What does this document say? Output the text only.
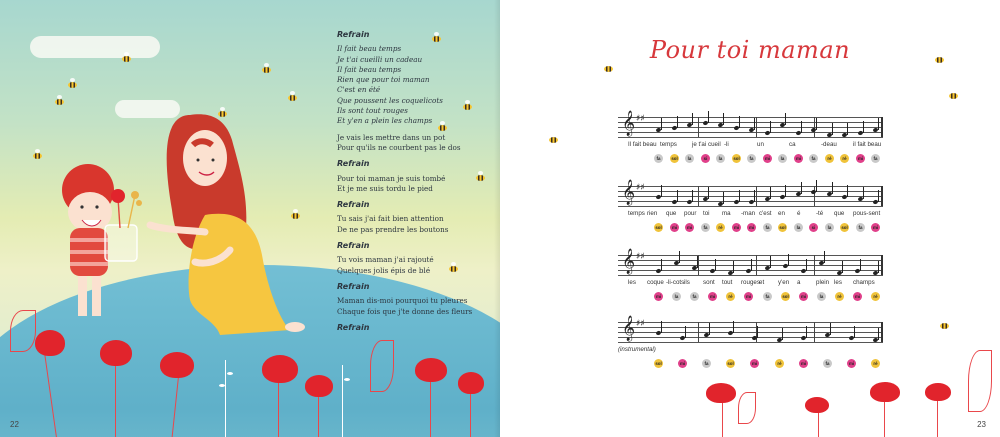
Refrain
Il fait beau temps
Je t'ai cueilli un cadeau
Il fait beau temps
Rien que pour toi maman
C'est en été
Que poussent les coquelicots
Ils sont tout rouges
Et y'en a plein les champs
Je vais les mettre dans un pot
Pour qu'ils ne courbent pas le dos
Refrain
Pour toi maman je suis tombé
Et je me suis tordu le pied
Refrain
Tu sais j'ai fait bien attention
De ne pas prendre les boutons
Refrain
Tu vois maman j'ai rajouté
Quelques jolis épis de blé
Refrain
Maman dis-moi pourquoi tu pleures
Chaque fois que j'te donne des fleurs
Refrain
22
Pour toi maman
𝄞 ♯♯
Il fait beau temps je t'ai cueil -li	un	ca	-deau	il fait beau
fa	sol	la	si	la	sol	fa	mi	la	mi	fa	ré	ré	mi	fa
𝄞 ♯♯
temps rien que pour toi ma -man c'est en é	-té que pous-sent
sol	mi	mi	fa	ré	mi	mi	fa	sol	la	si	la	sol	fa	mi
𝄞 ♯♯
les coque -li-cots ils sont tout rouges et y'en a	plein les champs
mi	la	fa	mi	ré	mi	fa	sol	mi	la	ré	mi	ré
𝄞 ♯♯
(instrumental)
sol	mi	fa	sol	mi	ré	mi	fa	mi	ré
23
